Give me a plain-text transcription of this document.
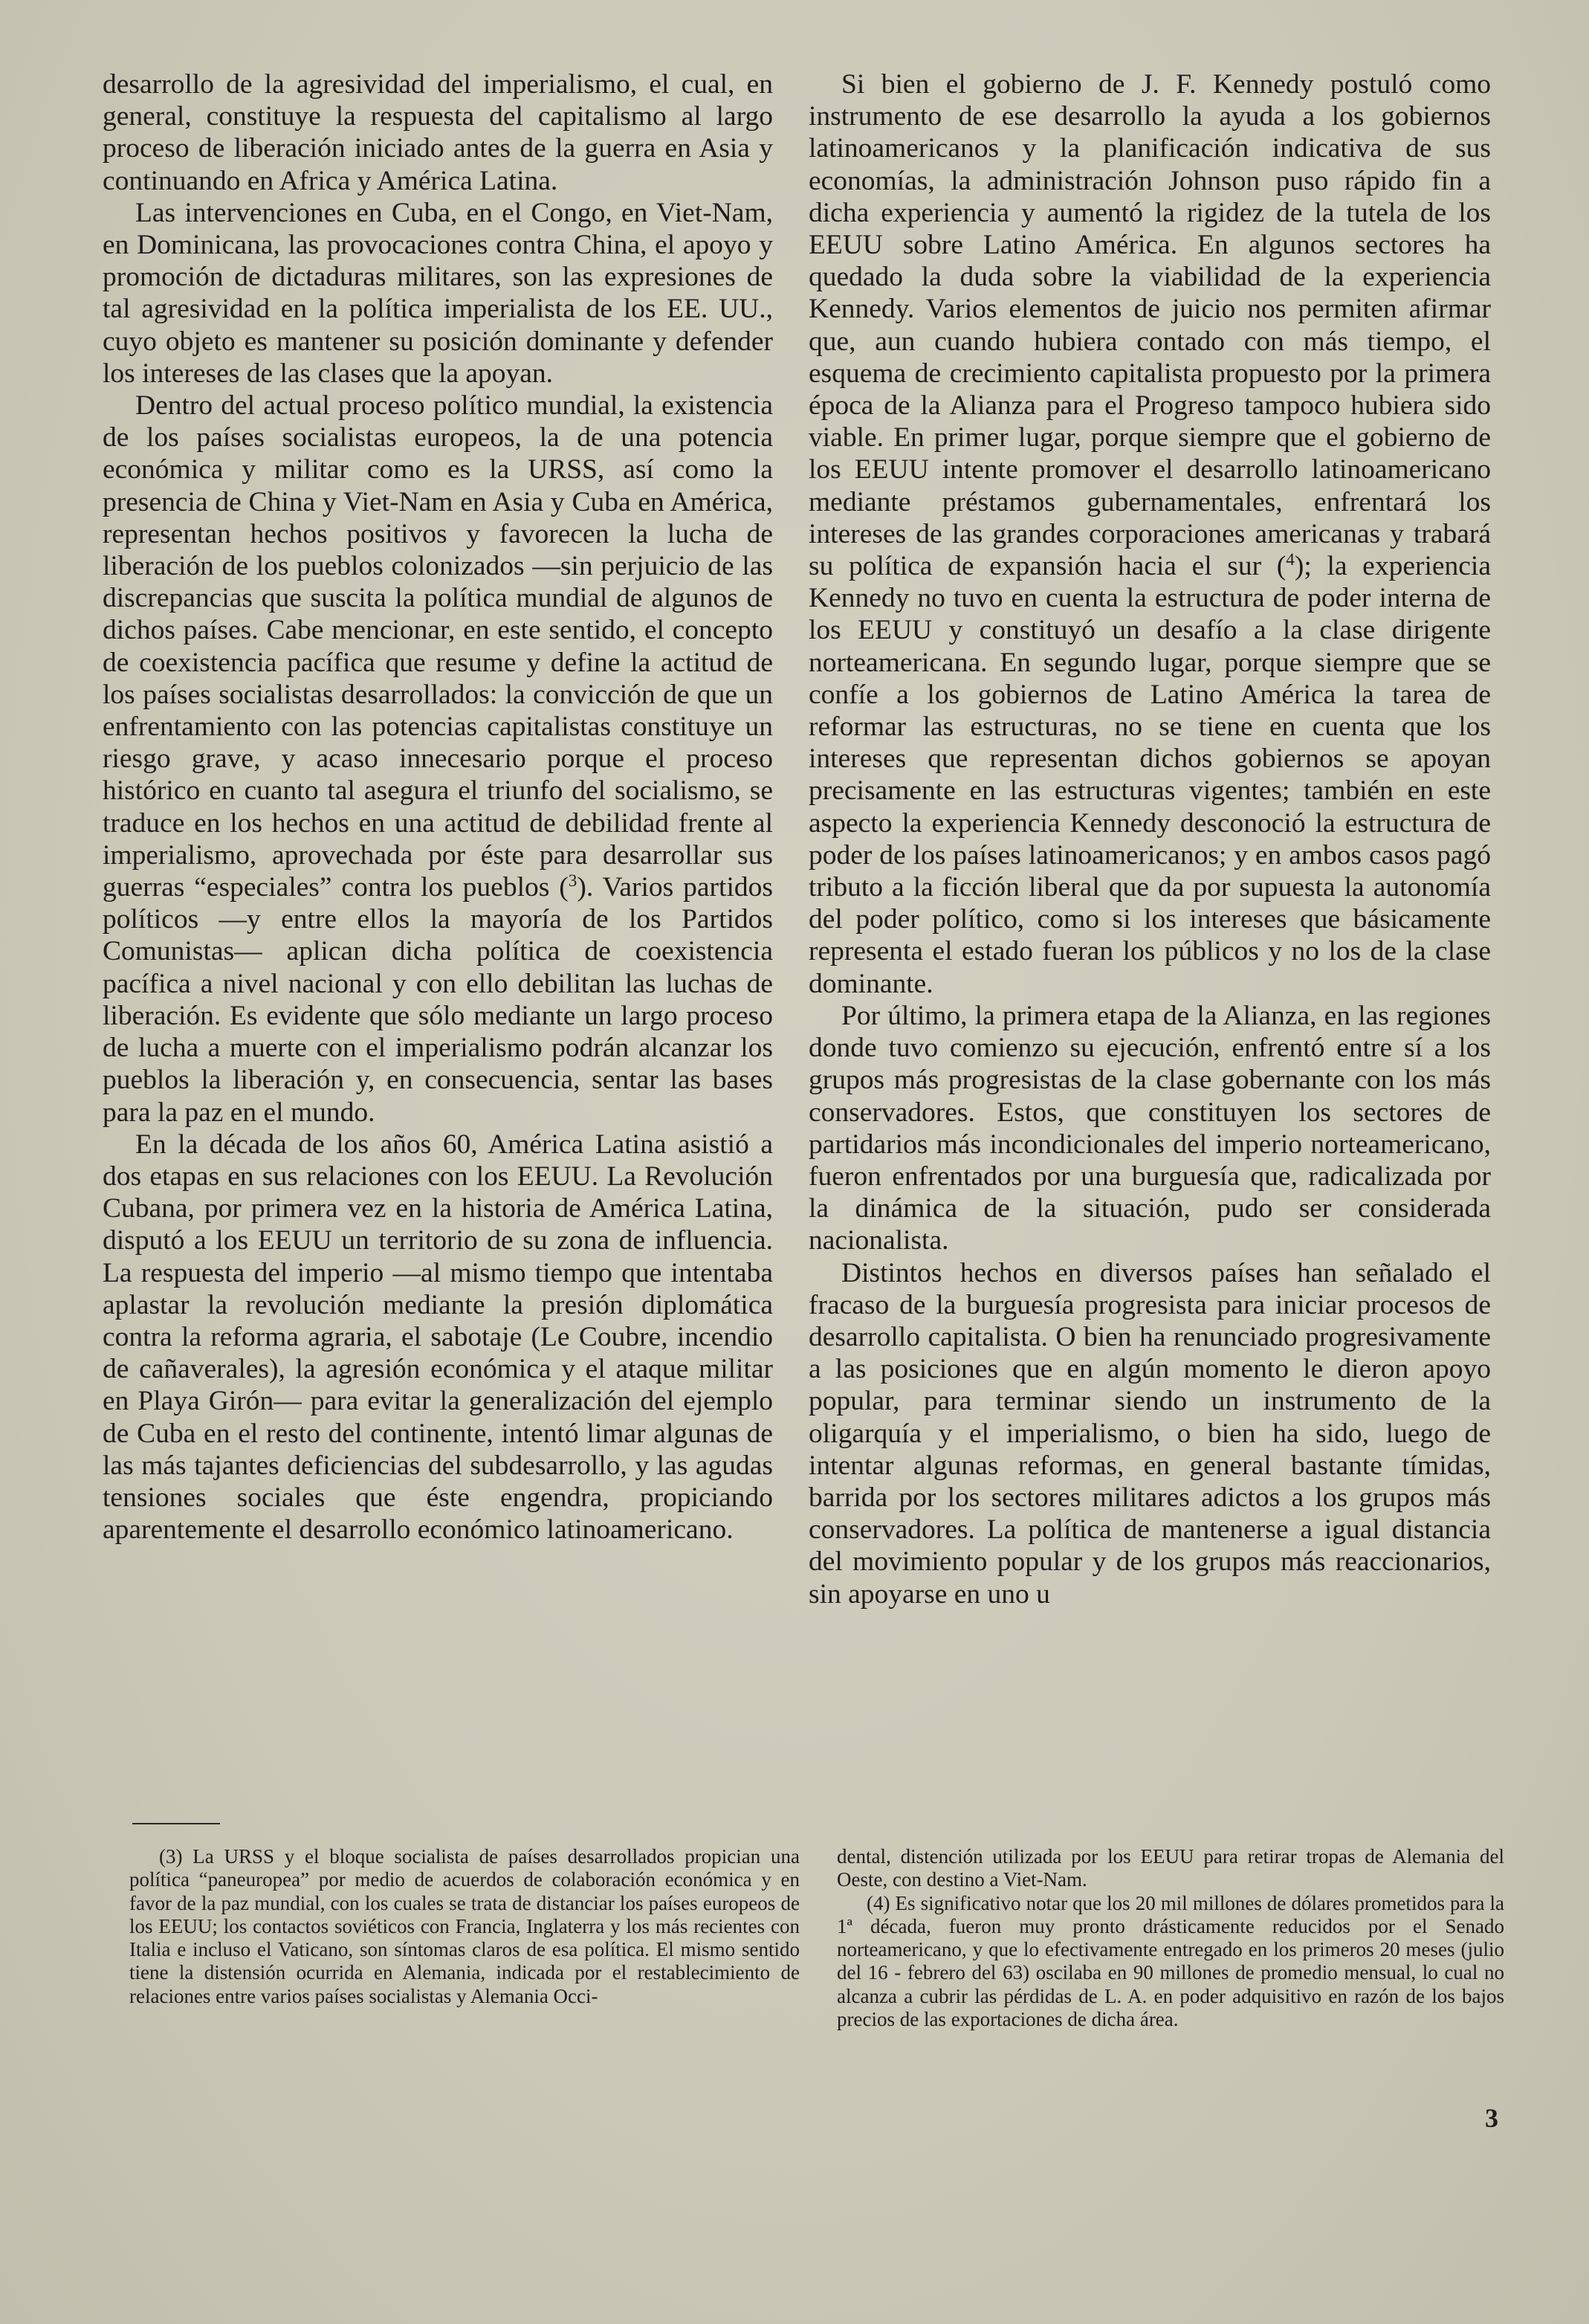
desarrollo de la agresividad del imperialismo, el cual, en general, constituye la respuesta del capitalismo al largo proceso de liberación iniciado antes de la guerra en Asia y continuando en Africa y América Latina.

Las intervenciones en Cuba, en el Congo, en Viet-Nam, en Dominicana, las provocaciones contra China, el apoyo y promoción de dictaduras militares, son las expresiones de tal agresividad en la política imperialista de los EE. UU., cuyo objeto es mantener su posición dominante y defender los intereses de las clases que la apoyan.

Dentro del actual proceso político mundial, la existencia de los países socialistas europeos, la de una potencia económica y militar como es la URSS, así como la presencia de China y Viet-Nam en Asia y Cuba en América, representan hechos positivos y favorecen la lucha de liberación de los pueblos colonizados —sin perjuicio de las discrepancias que suscita la política mundial de algunos de dichos países. Cabe mencionar, en este sentido, el concepto de coexistencia pacífica que resume y define la actitud de los países socialistas desarrollados: la convicción de que un enfrentamiento con las potencias capitalistas constituye un riesgo grave, y acaso innecesario porque el proceso histórico en cuanto tal asegura el triunfo del socialismo, se traduce en los hechos en una actitud de debilidad frente al imperialismo, aprovechada por éste para desarrollar sus guerras “especiales” contra los pueblos ($^3$). Varios partidos políticos —y entre ellos la mayoría de los Partidos Comunistas— aplican dicha política de coexistencia pacífica a nivel nacional y con ello debilitan las luchas de liberación. Es evidente que sólo mediante un largo proceso de lucha a muerte con el imperialismo podrán alcanzar los pueblos la liberación y, en consecuencia, sentar las bases para la paz en el mundo.

En la década de los años 60, América Latina asistió a dos etapas en sus relaciones con los EEUU. La Revolución Cubana, por primera vez en la historia de América Latina, disputó a los EEUU un territorio de su zona de influencia. La respuesta del imperio —al mismo tiempo que intentaba aplastar la revolución mediante la presión diplomática contra la reforma agraria, el sabotaje (Le Coubre, incendio de cañaverales), la agresión económica y el ataque militar en Playa Girón— para evitar la generalización del ejemplo de Cuba en el resto del continente, intentó limar algunas de las más tajantes deficiencias del subdesarrollo, y las agudas tensiones sociales que éste engendra, propiciando aparentemente el desarrollo económico latinoamericano.

Si bien el gobierno de J. F. Kennedy postuló como instrumento de ese desarrollo la ayuda a los gobiernos latinoamericanos y la planificación indicativa de sus economías, la administración Johnson puso rápido fin a dicha experiencia y aumentó la rigidez de la tutela de los EEUU sobre Latino América. En algunos sectores ha quedado la duda sobre la viabilidad de la experiencia Kennedy. Varios elementos de juicio nos permiten afirmar que, aun cuando hubiera contado con más tiempo, el esquema de crecimiento capitalista propuesto por la primera época de la Alianza para el Progreso tampoco hubiera sido viable. En primer lugar, porque siempre que el gobierno de los EEUU intente promover el desarrollo latinoamericano mediante préstamos gubernamentales, enfrentará los intereses de las grandes corporaciones americanas y trabará su política de expansión hacia el sur ($^4$); la experiencia Kennedy no tuvo en cuenta la estructura de poder interna de los EEUU y constituyó un desafío a la clase dirigente norteamericana. En segundo lugar, porque siempre que se confíe a los gobiernos de Latino América la tarea de reformar las estructuras, no se tiene en cuenta que los intereses que representan dichos gobiernos se apoyan precisamente en las estructuras vigentes; también en este aspecto la experiencia Kennedy desconoció la estructura de poder de los países latinoamericanos; y en ambos casos pagó tributo a la ficción liberal que da por supuesta la autonomía del poder político, como si los intereses que básicamente representa el estado fueran los públicos y no los de la clase dominante.

Por último, la primera etapa de la Alianza, en las regiones donde tuvo comienzo su ejecución, enfrentó entre sí a los grupos más progresistas de la clase gobernante con los más conservadores. Estos, que constituyen los sectores de partidarios más incondicionales del imperio norteamericano, fueron enfrentados por una burguesía que, radicalizada por la dinámica de la situación, pudo ser considerada nacionalista.

Distintos hechos en diversos países han señalado el fracaso de la burguesía progresista para iniciar procesos de desarrollo capitalista. O bien ha renunciado progresivamente a las posiciones que en algún momento le dieron apoyo popular, para terminar siendo un instrumento de la oligarquía y el imperialismo, o bien ha sido, luego de intentar algunas reformas, en general bastante tímidas, barrida por los sectores militares adictos a los grupos más conservadores. La política de mantenerse a igual distancia del movimiento popular y de los grupos más reaccionarios, sin apoyarse en uno u

(3) La URSS y el bloque socialista de países desarrollados propician una política “paneuropea” por medio de acuerdos de colaboración económica y en favor de la paz mundial, con los cuales se trata de distanciar los países europeos de los EEUU; los contactos soviéticos con Francia, Inglaterra y los más recientes con Italia e incluso el Vaticano, son síntomas claros de esa política. El mismo sentido tiene la distensión ocurrida en Alemania, indicada por el restablecimiento de relaciones entre varios países socialistas y Alemania Occi-

dental, distención utilizada por los EEUU para retirar tropas de Alemania del Oeste, con destino a Viet-Nam.

(4) Es significativo notar que los 20 mil millones de dólares prometidos para la 1ª década, fueron muy pronto drásticamente reducidos por el Senado norteamericano, y que lo efectivamente entregado en los primeros 20 meses (julio del 16 - febrero del 63) oscilaba en 90 millones de promedio mensual, lo cual no alcanza a cubrir las pérdidas de L. A. en poder adquisitivo en razón de los bajos precios de las exportaciones de dicha área.

3
